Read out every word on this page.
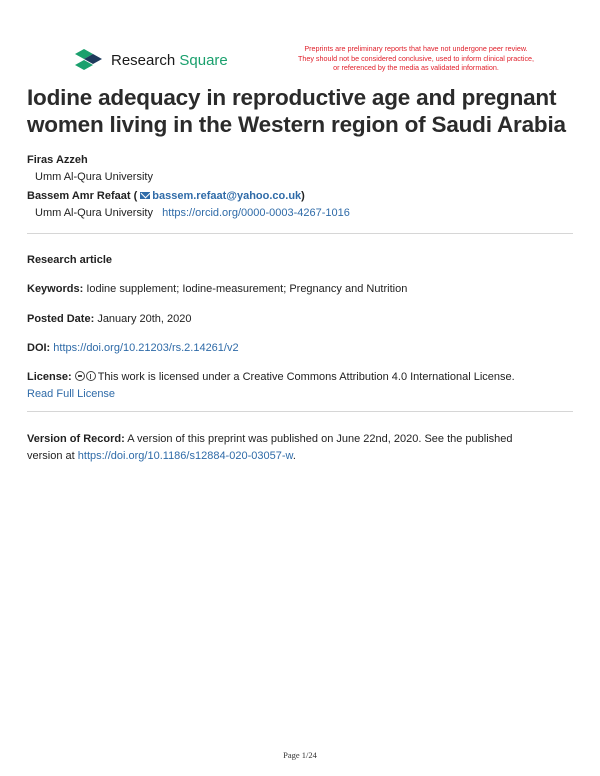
Research Square
Preprints are preliminary reports that have not undergone peer review.
They should not be considered conclusive, used to inform clinical practice,
or referenced by the media as validated information.
Iodine adequacy in reproductive age and pregnant
women living in the Western region of Saudi Arabia
Firas Azzeh
Umm Al-Qura University
Bassem Amr Refaat ( bassem.refaat@yahoo.co.uk)
Umm Al-Qura University https://orcid.org/0000-0003-4267-1016
Research article
Keywords: Iodine supplement; Iodine-measurement; Pregnancy and Nutrition
Posted Date: January 20th, 2020
DOI: https://doi.org/10.21203/rs.2.14261/v2
License: This work is licensed under a Creative Commons Attribution 4.0 International License.
Read Full License
Version of Record: A version of this preprint was published on June 22nd, 2020. See the published
version at https://doi.org/10.1186/s12884-020-03057-w.
Page 1/24
